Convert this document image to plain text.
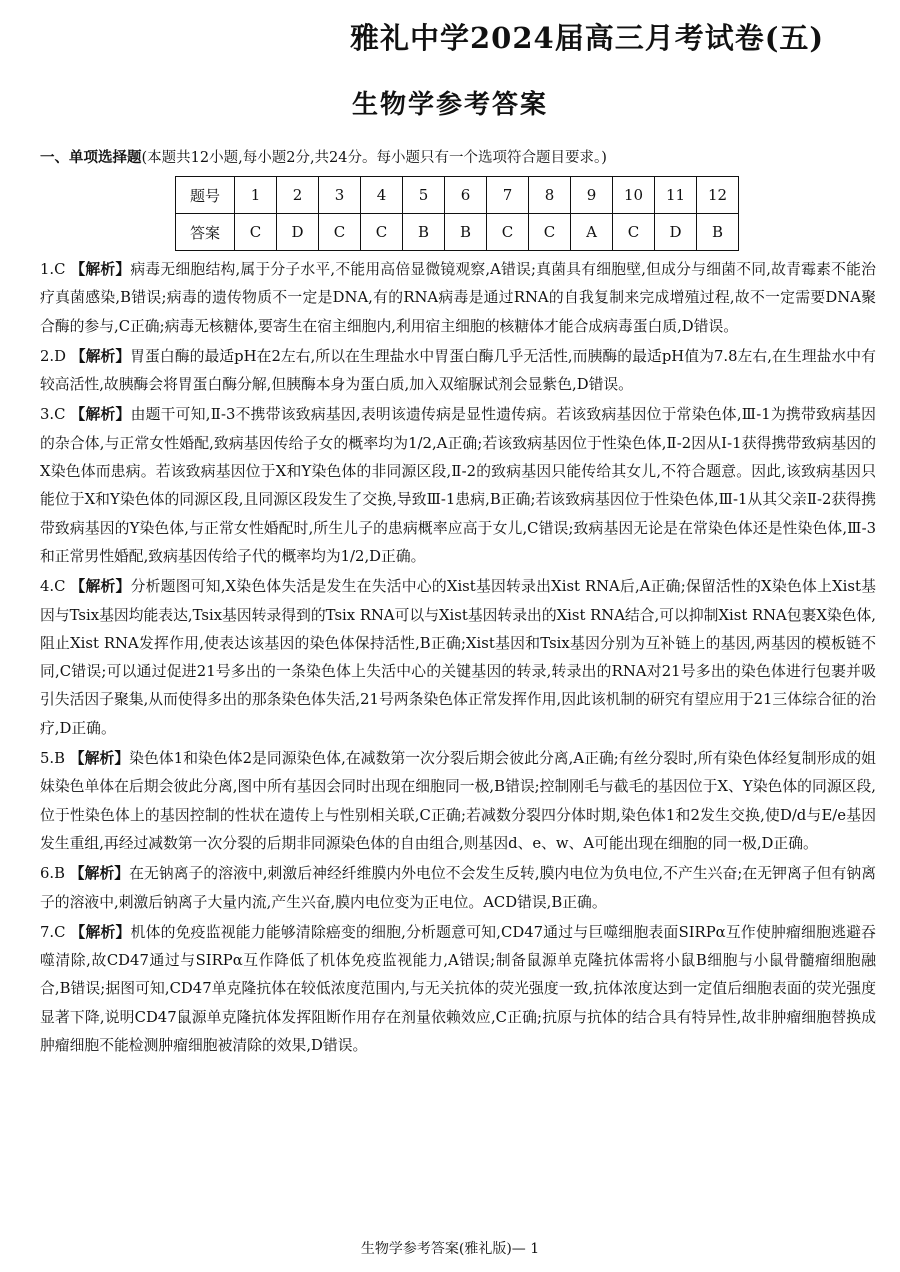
雅礼中学2024届高三月考试卷(五)
生物学参考答案
一、单项选择题(本题共12小题,每小题2分,共24分。每小题只有一个选项符合题目要求。)
题号	1	2	3	4	5	6	7	8	9	10	11	12
答案	C	D	C	C	B	B	C	C	A	C	D	B

1.C 【解析】病毒无细胞结构,属于分子水平,不能用高倍显微镜观察,A错误;真菌具有细胞壁,但成分与细菌不同,故青霉素不能治疗真菌感染,B错误;病毒的遗传物质不一定是DNA,有的RNA病毒是通过RNA的自我复制来完成增殖过程,故不一定需要DNA聚合酶的参与,C正确;病毒无核糖体,要寄生在宿主细胞内,利用宿主细胞的核糖体才能合成病毒蛋白质,D错误。

2.D 【解析】胃蛋白酶的最适pH在2左右,所以在生理盐水中胃蛋白酶几乎无活性,而胰酶的最适pH值为7.8左右,在生理盐水中有较高活性,故胰酶会将胃蛋白酶分解,但胰酶本身为蛋白质,加入双缩脲试剂会显紫色,D错误。

3.C 【解析】由题干可知,Ⅱ-3不携带该致病基因,表明该遗传病是显性遗传病。若该致病基因位于常染色体,Ⅲ-1为携带致病基因的杂合体,与正常女性婚配,致病基因传给子女的概率均为1/2,A正确;若该致病基因位于性染色体,Ⅱ-2因从Ⅰ-1获得携带致病基因的X染色体而患病。若该致病基因位于X和Y染色体的非同源区段,Ⅱ-2的致病基因只能传给其女儿,不符合题意。因此,该致病基因只能位于X和Y染色体的同源区段,且同源区段发生了交换,导致Ⅲ-1患病,B正确;若该致病基因位于性染色体,Ⅲ-1从其父亲Ⅱ-2获得携带致病基因的Y染色体,与正常女性婚配时,所生儿子的患病概率应高于女儿,C错误;致病基因无论是在常染色体还是性染色体,Ⅲ-3和正常男性婚配,致病基因传给子代的概率均为1/2,D正确。

4.C 【解析】分析题图可知,X染色体失活是发生在失活中心的Xist基因转录出Xist RNA后,A正确;保留活性的X染色体上Xist基因与Tsix基因均能表达,Tsix基因转录得到的Tsix RNA可以与Xist基因转录出的Xist RNA结合,可以抑制Xist RNA包裹X染色体,阻止Xist RNA发挥作用,使表达该基因的染色体保持活性,B正确;Xist基因和Tsix基因分别为互补链上的基因,两基因的模板链不同,C错误;可以通过促进21号多出的一条染色体上失活中心的关键基因的转录,转录出的RNA对21号多出的染色体进行包裹并吸引失活因子聚集,从而使得多出的那条染色体失活,21号两条染色体正常发挥作用,因此该机制的研究有望应用于21三体综合征的治疗,D正确。

5.B 【解析】染色体1和染色体2是同源染色体,在减数第一次分裂后期会彼此分离,A正确;有丝分裂时,所有染色体经复制形成的姐妹染色单体在后期会彼此分离,图中所有基因会同时出现在细胞同一极,B错误;控制刚毛与截毛的基因位于X、Y染色体的同源区段,位于性染色体上的基因控制的性状在遗传上与性别相关联,C正确;若减数分裂四分体时期,染色体1和2发生交换,使D/d与E/e基因发生重组,再经过减数第一次分裂的后期非同源染色体的自由组合,则基因d、e、w、A可能出现在细胞的同一极,D正确。

6.B 【解析】在无钠离子的溶液中,刺激后神经纤维膜内外电位不会发生反转,膜内电位为负电位,不产生兴奋;在无钾离子但有钠离子的溶液中,刺激后钠离子大量内流,产生兴奋,膜内电位变为正电位。ACD错误,B正确。

7.C 【解析】机体的免疫监视能力能够清除癌变的细胞,分析题意可知,CD47通过与巨噬细胞表面SIRPα互作使肿瘤细胞逃避吞噬清除,故CD47通过与SIRPα互作降低了机体免疫监视能力,A错误;制备鼠源单克隆抗体需将小鼠B细胞与小鼠骨髓瘤细胞融合,B错误;据图可知,CD47单克隆抗体在较低浓度范围内,与无关抗体的荧光强度一致,抗体浓度达到一定值后细胞表面的荧光强度显著下降,说明CD47鼠源单克隆抗体发挥阻断作用存在剂量依赖效应,C正确;抗原与抗体的结合具有特异性,故非肿瘤细胞替换成肿瘤细胞不能检测肿瘤细胞被清除的效果,D错误。

生物学参考答案(雅礼版)— 1
